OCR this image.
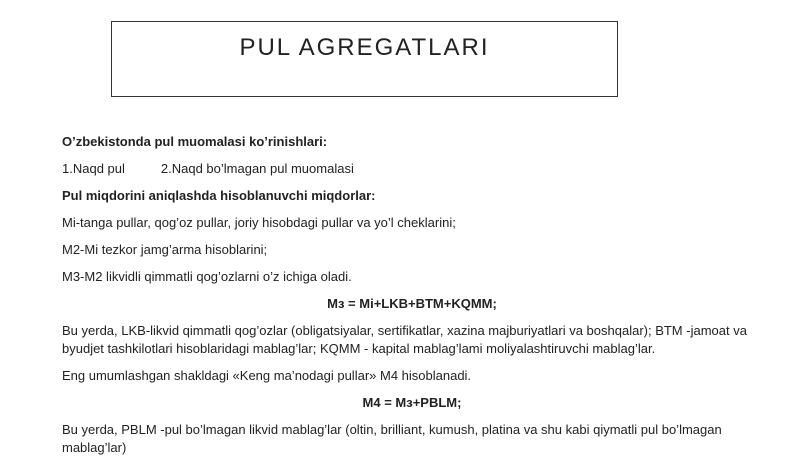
PUL AGREGATLARI

O’zbekistonda pul muomalasi ko’rinishlari:

1.Naqd pul	2.Naqd bo’lmagan pul muomalasi

Pul miqdorini aniqlashda hisoblanuvchi miqdorlar:

Mi-tanga pullar, qog’oz pullar, joriy hisobdagi pullar va yo’l cheklarini;

M2-Mi tezkor jamg’arma hisoblarini;

M3-M2 likvidli qimmatli qog’ozlarni o’z ichiga oladi.

Mз = Mi+LKB+BTM+KQMM;

Bu yerda, LKB-likvid qimmatli qog’ozlar (obligatsiyalar, sertifikatlar, xazina majburiyatlari va boshqalar); BTM -jamoat va byudjet tashkilotlari hisoblaridagi mablag’lar; KQMM - kapital mablag’lami moliyalashtiruvchi mablag’lar.

Eng umumlashgan shakldagi «Keng ma’nodagi pullar» M4 hisoblanadi.

M4 = Mз+PBLM;

Bu yerda, PBLM -pul bo’lmagan likvid mablag’lar (oltin, brilliant, kumush, platina va shu kabi qiymatli pul bo’lmagan mablag’lar)
